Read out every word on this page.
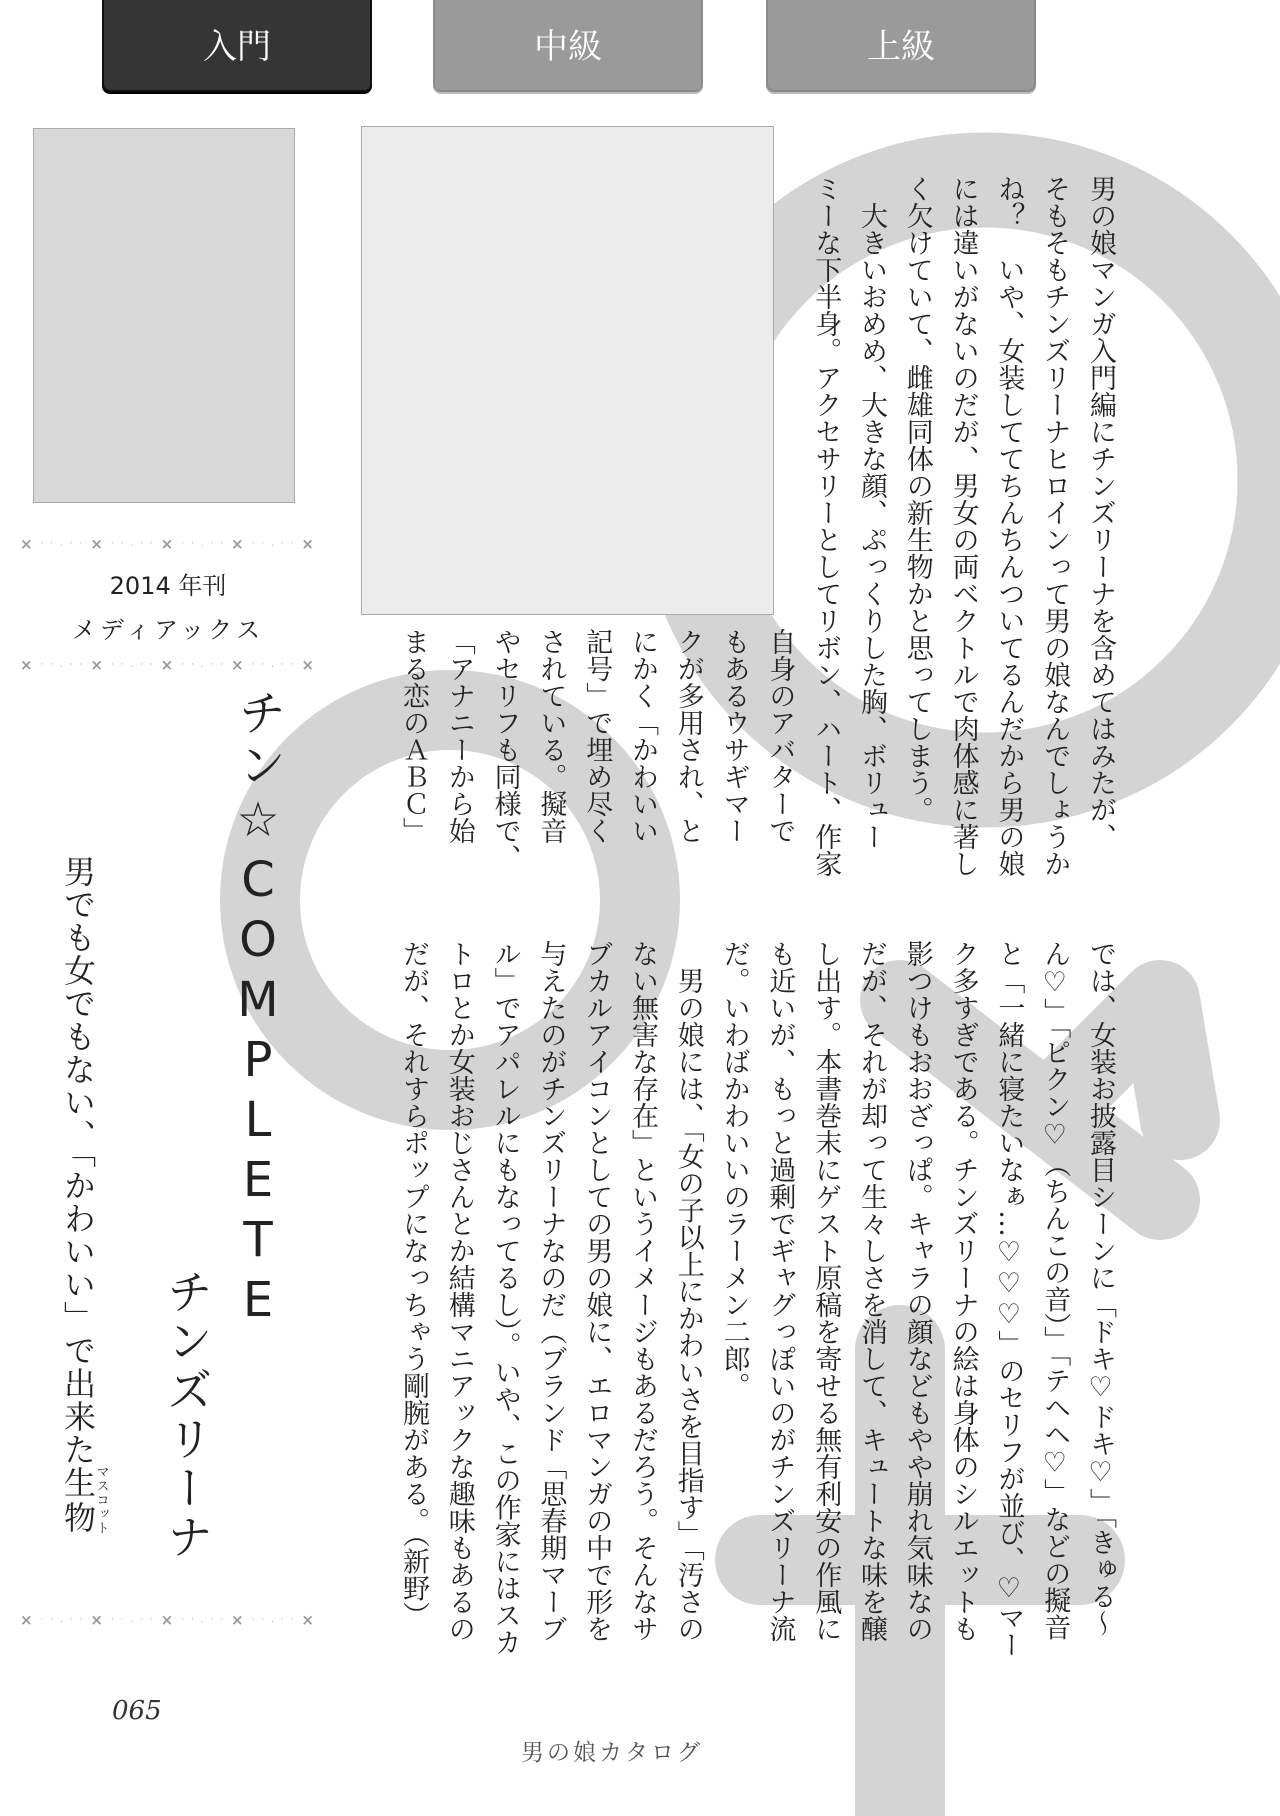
入門	中級	上級
× · · . · · × · · . · · × · · . · · × · · . · · ×
2014 年刊
メディアックス
× · · . · · × · · . · · × · · . · · × · · . · · ×
チン☆COMPLETE
チンズリーナ
男でも女でもない、「かわいい」で出来た生物マスコット
× · · . · · × · · . · · × · · . · · × · · . · · ×
065
男の娘カタログ
男の娘マンガ入門編にチンズリーナを含めてはみたが、
そもそもチンズリーナヒロインって男の娘なんでしょうか
ね？　いや、女装しててちんちんついてるんだから男の娘
には違いがないのだが、男女の両ベクトルで肉体感に著し
く欠けていて、雌雄同体の新生物かと思ってしまう。
　大きいおめめ、大きな顔、ぷっくりした胸、ボリュー
ミーな下半身。アクセサリーとしてリボン、ハート、作家
自身のアバターで
もあるウサギマー
クが多用され、と
にかく「かわいい
記号」で埋め尽く
されている。擬音
やセリフも同様で、
「アナニーから始
まる恋のＡＢＣ」
では、女装お披露目シーンに「ドキ♡ドキ♡」「きゅる〜
ん♡」「ピクン♡（ちんこの音）」「テヘヘ♡」などの擬音
と「一緒に寝たいなぁ…♡♡♡」のセリフが並び、♡マー
ク多すぎである。チンズリーナの絵は身体のシルエットも
影つけもおおざっぱ。キャラの顔などもやや崩れ気味なの
だが、それが却って生々しさを消して、キュートな味を醸
し出す。本書巻末にゲスト原稿を寄せる無有利安の作風に
も近いが、もっと過剰でギャグっぽいのがチンズリーナ流
だ。いわばかわいいのラーメン二郎。
　男の娘には、「女の子以上にかわいさを目指す」「汚さの
ない無害な存在」というイメージもあるだろう。そんなサ
ブカルアイコンとしての男の娘に、エロマンガの中で形を
与えたのがチンズリーナなのだ（ブランド「思春期マーブ
ル」でアパレルにもなってるし）。いや、この作家にはスカ
トロとか女装おじさんとか結構マニアックな趣味もあるの
だが、それすらポップになっちゃう剛腕がある。（新野）
